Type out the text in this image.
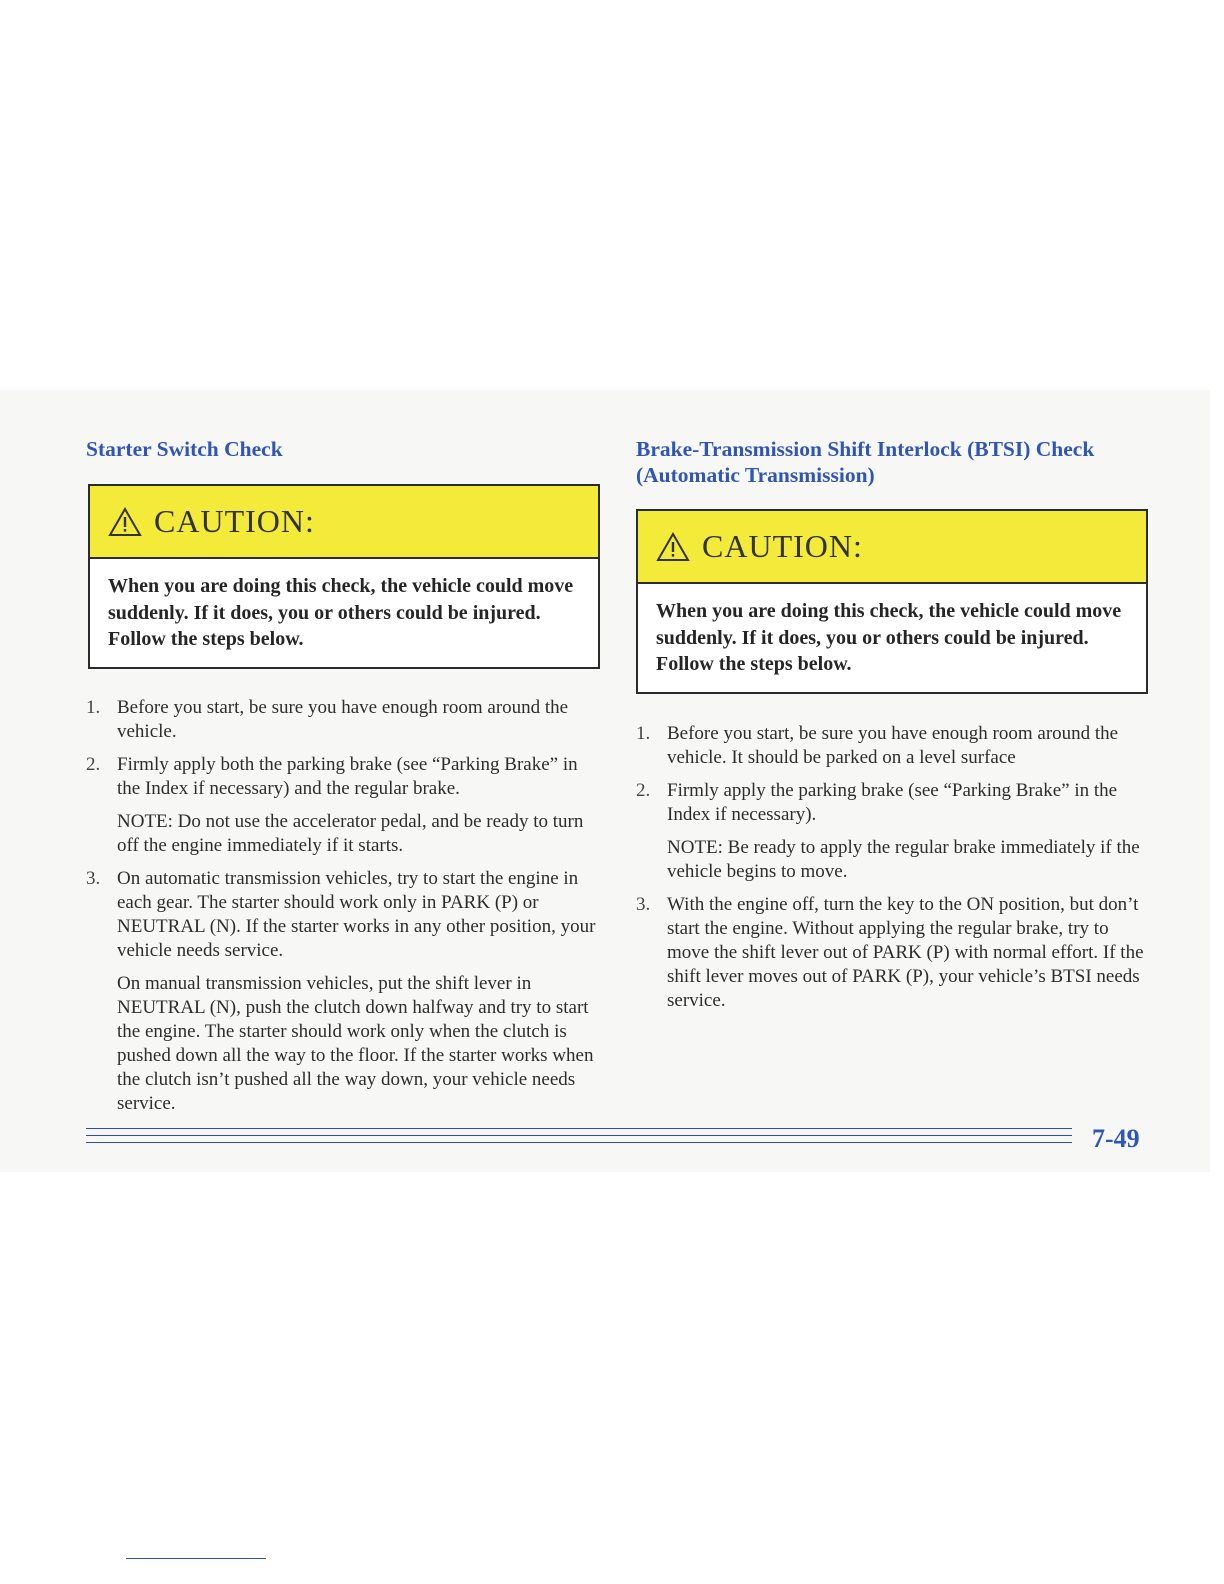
Starter Switch Check
CAUTION:
When you are doing this check, the vehicle could move suddenly. If it does, you or others could be injured. Follow the steps below.
1. Before you start, be sure you have enough room around the vehicle.

2. Firmly apply both the parking brake (see “Parking Brake” in the Index if necessary) and the regular brake.

NOTE: Do not use the accelerator pedal, and be ready to turn off the engine immediately if it starts.

3. On automatic transmission vehicles, try to start the engine in each gear. The starter should work only in PARK (P) or NEUTRAL (N). If the starter works in any other position, your vehicle needs service.

On manual transmission vehicles, put the shift lever in NEUTRAL (N), push the clutch down halfway and try to start the engine. The starter should work only when the clutch is pushed down all the way to the floor. If the starter works when the clutch isn’t pushed all the way down, your vehicle needs service.

Brake-Transmission Shift Interlock (BTSI) Check
(Automatic Transmission)
CAUTION:
When you are doing this check, the vehicle could move suddenly. If it does, you or others could be injured. Follow the steps below.
1. Before you start, be sure you have enough room around the vehicle. It should be parked on a level surface

2. Firmly apply the parking brake (see “Parking Brake” in the Index if necessary).

NOTE: Be ready to apply the regular brake immediately if the vehicle begins to move.

3. With the engine off, turn the key to the ON position, but don’t start the engine. Without applying the regular brake, try to move the shift lever out of PARK (P) with normal effort. If the shift lever moves out of PARK (P), your vehicle’s BTSI needs service.

7-49
